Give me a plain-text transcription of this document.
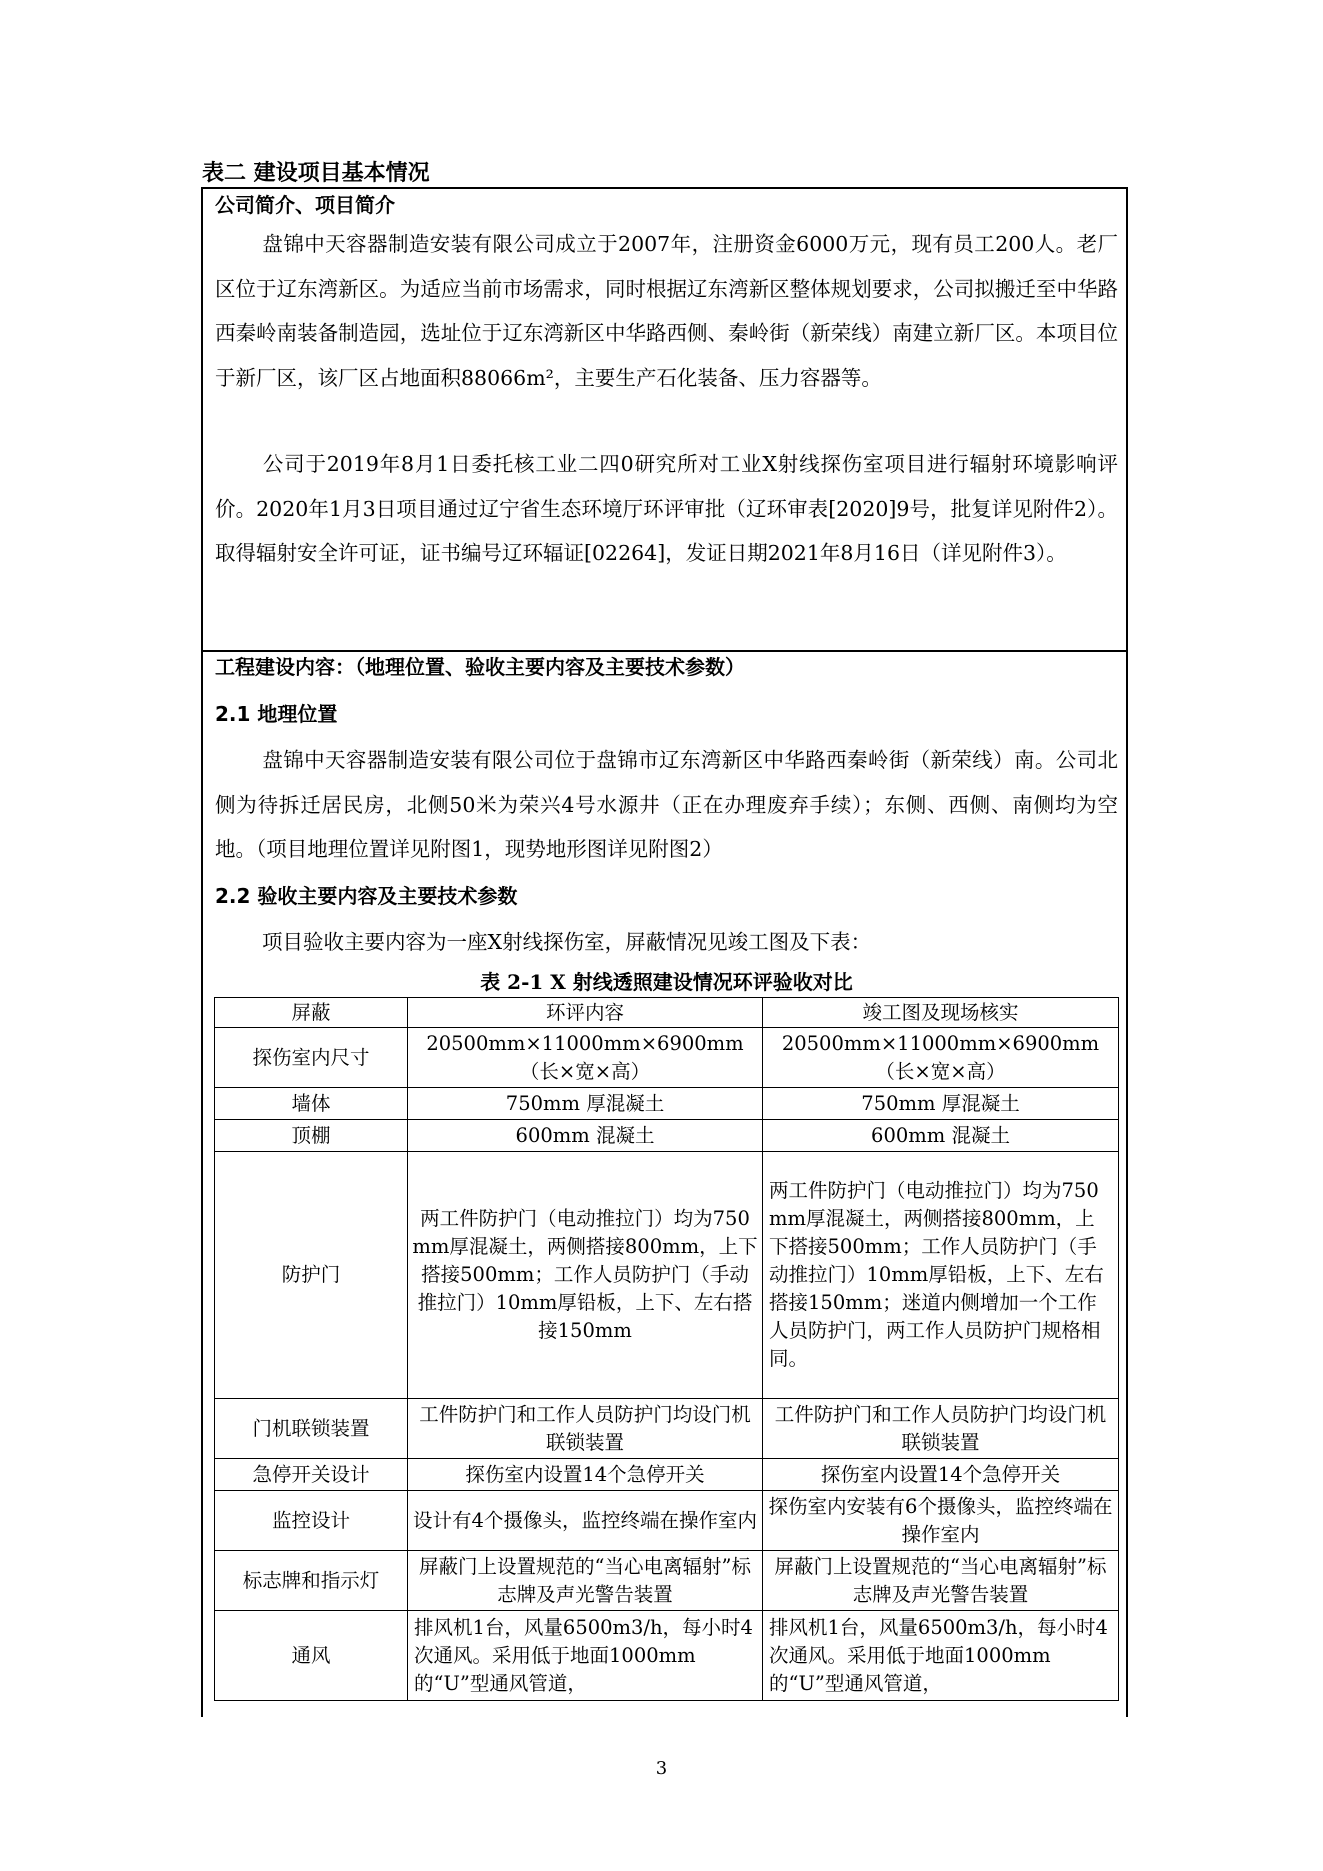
表二 建设项目基本情况
公司简介、项目简介
盘锦中天容器制造安装有限公司成立于2007年，注册资金6000万元，现有员工200人。老厂区位于辽东湾新区。为适应当前市场需求，同时根据辽东湾新区整体规划要求，公司拟搬迁至中华路西秦岭南装备制造园，选址位于辽东湾新区中华路西侧、秦岭街（新荣线）南建立新厂区。本项目位于新厂区，该厂区占地面积88066m²，主要生产石化装备、压力容器等。
公司于2019年8月1日委托核工业二四0研究所对工业X射线探伤室项目进行辐射环境影响评价。2020年1月3日项目通过辽宁省生态环境厅环评审批（辽环审表[2020]9号，批复详见附件2）。取得辐射安全许可证，证书编号辽环辐证[02264]，发证日期2021年8月16日（详见附件3）。
工程建设内容：（地理位置、验收主要内容及主要技术参数）
2.1 地理位置
盘锦中天容器制造安装有限公司位于盘锦市辽东湾新区中华路西秦岭街（新荣线）南。公司北侧为待拆迁居民房，北侧50米为荣兴4号水源井（正在办理废弃手续）；东侧、西侧、南侧均为空地。（项目地理位置详见附图1，现势地形图详见附图2）
2.2 验收主要内容及主要技术参数
项目验收主要内容为一座X射线探伤室，屏蔽情况见竣工图及下表：
表 2-1 X 射线透照建设情况环评验收对比
屏蔽	环评内容	竣工图及现场核实
探伤室内尺寸	20500mm×11000mm×6900mm（长×宽×高）	20500mm×11000mm×6900mm（长×宽×高）
墙体	750mm 厚混凝土	750mm 厚混凝土
顶棚	600mm 混凝土	600mm 混凝土
防护门	两工件防护门（电动推拉门）均为750mm厚混凝土，两侧搭接800mm，上下搭接500mm；工作人员防护门（手动推拉门）10mm厚铅板，上下、左右搭接150mm	两工件防护门（电动推拉门）均为750mm厚混凝土，两侧搭接800mm，上下搭接500mm；工作人员防护门（手动推拉门）10mm厚铅板，上下、左右搭接150mm；迷道内侧增加一个工作人员防护门，两工作人员防护门规格相同。
门机联锁装置	工件防护门和工作人员防护门均设门机联锁装置	工件防护门和工作人员防护门均设门机联锁装置
急停开关设计	探伤室内设置14个急停开关	探伤室内设置14个急停开关
监控设计	设计有4个摄像头，监控终端在操作室内	探伤室内安装有6个摄像头，监控终端在操作室内
标志牌和指示灯	屏蔽门上设置规范的“当心电离辐射”标志牌及声光警告装置	屏蔽门上设置规范的“当心电离辐射”标志牌及声光警告装置
通风	排风机1台，风量6500m3/h，每小时4次通风。采用低于地面1000mm的“U”型通风管道，	排风机1台，风量6500m3/h，每小时4次通风。采用低于地面1000mm的“U”型通风管道，
3
